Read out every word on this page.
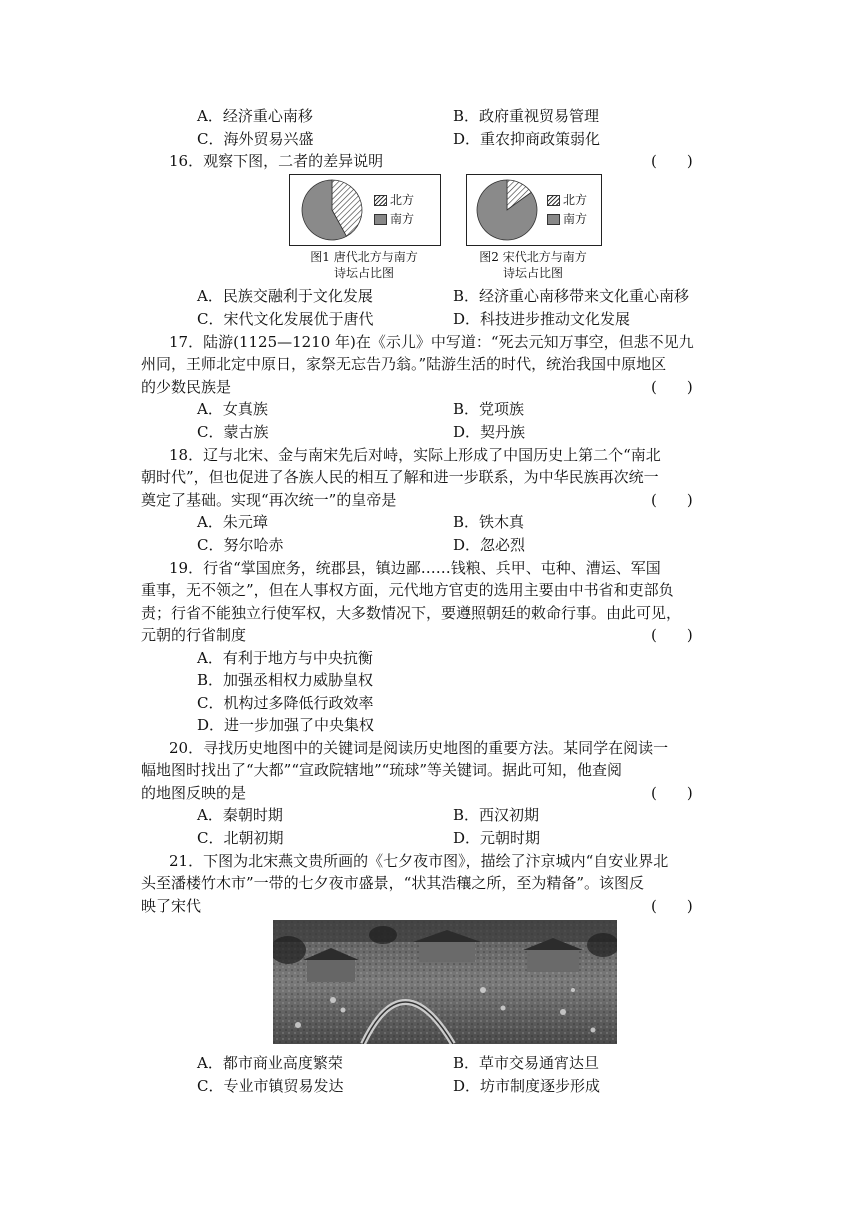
A．经济重心南移	B．政府重视贸易管理
C．海外贸易兴盛	D．重农抑商政策弱化
16．观察下图，二者的差异说明	(　　)
北方
南方
图1 唐代北方与南方
诗坛占比图
北方
南方
图2 宋代北方与南方
诗坛占比图
A．民族交融利于文化发展	B．经济重心南移带来文化重心南移
C．宋代文化发展优于唐代	D．科技进步推动文化发展
17．陆游(1125—1210 年)在《示儿》中写道：“死去元知万事空，但悲不见九
州同，王师北定中原日，家祭无忘告乃翁。”陆游生活的时代，统治我国中原地区
的少数民族是	(　　)
A．女真族	B．党项族
C．蒙古族	D．契丹族
18．辽与北宋、金与南宋先后对峙，实际上形成了中国历史上第二个“南北
朝时代”，但也促进了各族人民的相互了解和进一步联系，为中华民族再次统一
奠定了基础。实现“再次统一”的皇帝是	(　　)
A．朱元璋	B．铁木真
C．努尔哈赤	D．忽必烈
19．行省“掌国庶务，统郡县，镇边鄙……钱粮、兵甲、屯种、漕运、军国
重事，无不领之”，但在人事权方面，元代地方官吏的选用主要由中书省和吏部负
责；行省不能独立行使军权，大多数情况下，要遵照朝廷的敕命行事。由此可见，
元朝的行省制度	(　　)
A．有利于地方与中央抗衡
B．加强丞相权力威胁皇权
C．机构过多降低行政效率
D．进一步加强了中央集权
20．寻找历史地图中的关键词是阅读历史地图的重要方法。某同学在阅读一
幅地图时找出了“大都”“宣政院辖地”“琉球”等关键词。据此可知，他查阅
的地图反映的是	(　　)
A．秦朝时期	B．西汉初期
C．北朝初期	D．元朝时期
21．下图为北宋燕文贵所画的《七夕夜市图》，描绘了汴京城内“自安业界北
头至潘楼竹木市”一带的七夕夜市盛景，“状其浩穰之所，至为精备”。该图反
映了宋代	(　　)
A．都市商业高度繁荣	B．草市交易通宵达旦
C．专业市镇贸易发达	D．坊市制度逐步形成
